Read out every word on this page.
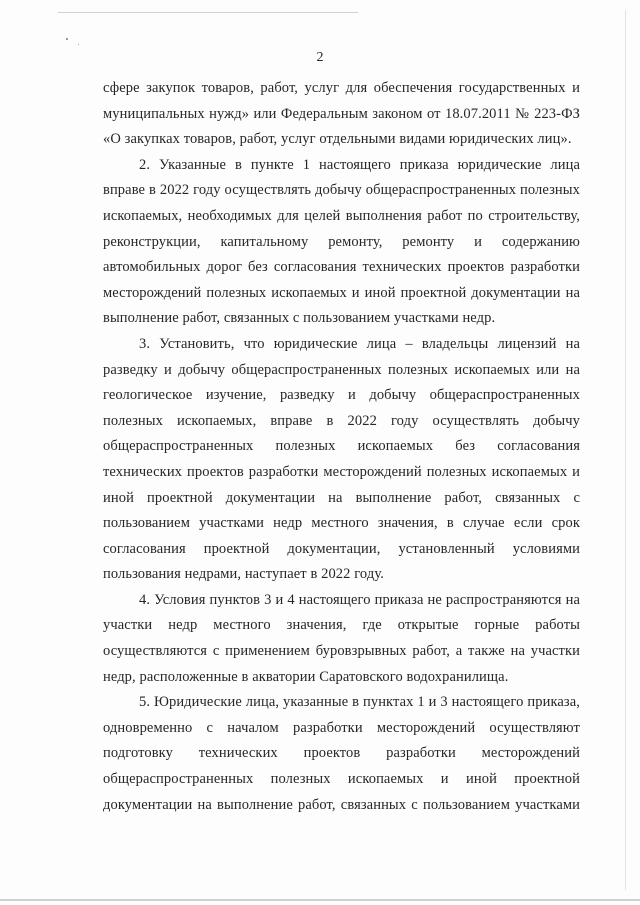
2

сфере закупок товаров, работ, услуг для обеспечения государственных и муниципальных нужд» или Федеральным законом от 18.07.2011 № 223-ФЗ «О закупках товаров, работ, услуг отдельными видами юридических лиц».

2. Указанные в пункте 1 настоящего приказа юридические лица вправе в 2022 году осуществлять добычу общераспространенных полезных ископаемых, необходимых для целей выполнения работ по строительству, реконструкции, капитальному ремонту, ремонту и содержанию автомобильных дорог без согласования технических проектов разработки месторождений полезных ископаемых и иной проектной документации на выполнение работ, связанных с пользованием участками недр.

3. Установить, что юридические лица – владельцы лицензий на разведку и добычу общераспространенных полезных ископаемых или на геологическое изучение, разведку и добычу общераспространенных полезных ископаемых, вправе в 2022 году осуществлять добычу общераспространенных полезных ископаемых без согласования технических проектов разработки месторождений полезных ископаемых и иной проектной документации на выполнение работ, связанных с пользованием участками недр местного значения, в случае если срок согласования проектной документации, установленный условиями пользования недрами, наступает в 2022 году.

4. Условия пунктов 3 и 4 настоящего приказа не распространяются на участки недр местного значения, где открытые горные работы осуществляются с применением буровзрывных работ, а также на участки недр, расположенные в акватории Саратовского водохранилища.

5. Юридические лица, указанные в пунктах 1 и 3 настоящего приказа, одновременно с началом разработки месторождений осуществляют подготовку технических проектов разработки месторождений общераспространенных полезных ископаемых и иной проектной документации на выполнение работ, связанных с пользованием участками
